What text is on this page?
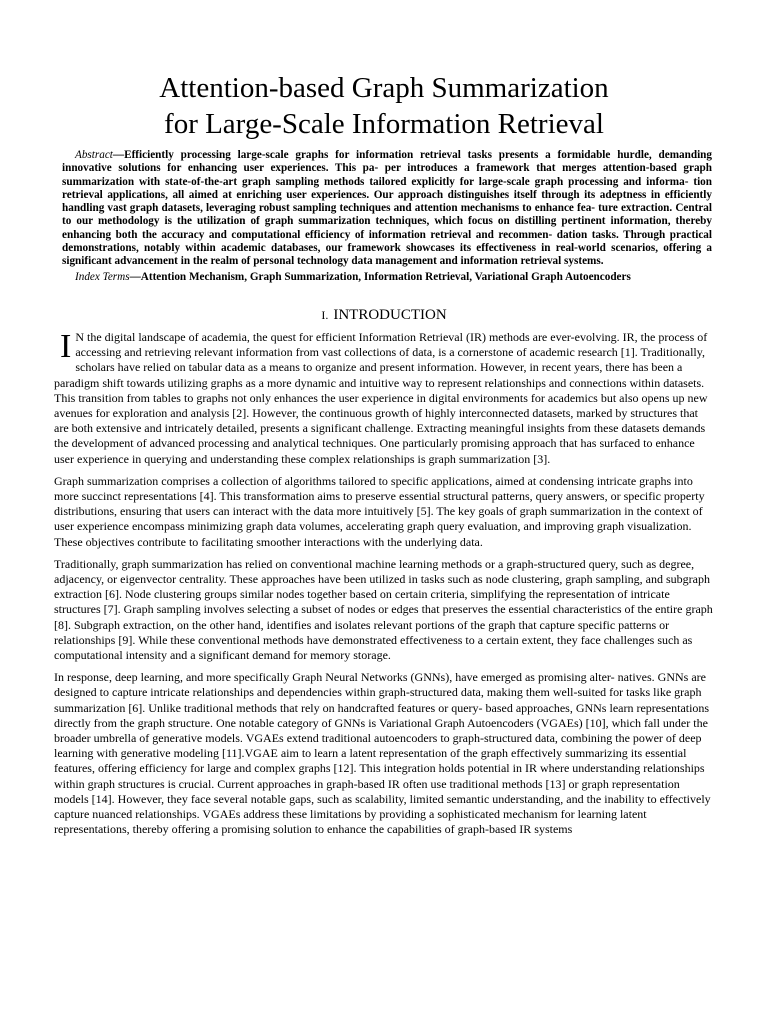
Attention-based Graph Summarization
for Large-Scale Information Retrieval

Abstract—Efficiently processing large-scale graphs for information retrieval tasks presents a formidable hurdle, demanding innovative solutions for enhancing user experiences. This pa- per introduces a framework that merges attention-based graph summarization with state-of-the-art graph sampling methods tailored explicitly for large-scale graph processing and informa- tion retrieval applications, all aimed at enriching user experiences. Our approach distinguishes itself through its adeptness in efficiently handling vast graph datasets, leveraging robust sampling techniques and attention mechanisms to enhance fea- ture extraction. Central to our methodology is the utilization of graph summarization techniques, which focus on distilling pertinent information, thereby enhancing both the accuracy and computational efficiency of information retrieval and recommen- dation tasks. Through practical demonstrations, notably within academic databases, our framework showcases its effectiveness in real-world scenarios, offering a significant advancement in the realm of personal technology data management and information retrieval systems.

Index Terms—Attention Mechanism, Graph Summarization, Information Retrieval, Variational Graph Autoencoders
I. INTRODUCTION

I N the digital landscape of academia, the quest for efficient Information Retrieval (IR) methods are ever-evolving. IR, the process of accessing and retrieving relevant information from vast collections of data, is a cornerstone of academic research [1]. Traditionally, scholars have relied on tabular data as a means to organize and present information. However, in recent years, there has been a paradigm shift towards utilizing graphs as a more dynamic and intuitive way to represent relationships and connections within datasets. This transition from tables to graphs not only enhances the user experience in digital environments for academics but also opens up new avenues for exploration and analysis [2]. However, the continuous growth of highly interconnected datasets, marked by structures that are both extensive and intricately detailed, presents a significant challenge. Extracting meaningful insights from these datasets demands the development of advanced processing and analytical techniques. One particularly promising approach that has surfaced to enhance user experience in querying and understanding these complex relationships is graph summarization [3].

Graph summarization comprises a collection of algorithms tailored to specific applications, aimed at condensing intricate graphs into more succinct representations [4]. This transformation aims to preserve essential structural patterns, query answers, or specific property distributions, ensuring that users can interact with the data more intuitively [5]. The key goals of graph summarization in the context of user experience encompass minimizing graph data volumes, accelerating graph query evaluation, and improving graph visualization. These objectives contribute to facilitating smoother interactions with the underlying data.

Traditionally, graph summarization has relied on conventional machine learning methods or a graph-structured query, such as degree, adjacency, or eigenvector centrality. These approaches have been utilized in tasks such as node clustering, graph sampling, and subgraph extraction [6]. Node clustering groups similar nodes together based on certain criteria, simplifying the representation of intricate structures [7]. Graph sampling involves selecting a subset of nodes or edges that preserves the essential characteristics of the entire graph [8]. Subgraph extraction, on the other hand, identifies and isolates relevant portions of the graph that capture specific patterns or relationships [9]. While these conventional methods have demonstrated effectiveness to a certain extent, they face challenges such as computational intensity and a significant demand for memory storage.

In response, deep learning, and more specifically Graph Neural Networks (GNNs), have emerged as promising alter- natives. GNNs are designed to capture intricate relationships and dependencies within graph-structured data, making them well-suited for tasks like graph summarization [6]. Unlike traditional methods that rely on handcrafted features or query- based approaches, GNNs learn representations directly from the graph structure. One notable category of GNNs is Variational Graph Autoencoders (VGAEs) [10], which fall under the broader umbrella of generative models. VGAEs extend traditional autoencoders to graph-structured data, combining the power of deep learning with generative modeling [11].VGAE aim to learn a latent representation of the graph effectively summarizing its essential features, offering efficiency for large and complex graphs [12]. This integration holds potential in IR where understanding relationships within graph structures is crucial. Current approaches in graph-based IR often use traditional methods [13] or graph representation models [14]. However, they face several notable gaps, such as scalability, limited semantic understanding, and the inability to effectively capture nuanced relationships. VGAEs address these limitations by providing a sophisticated mechanism for learning latent representations, thereby offering a promising solution to enhance the capabilities of graph-based IR systems
